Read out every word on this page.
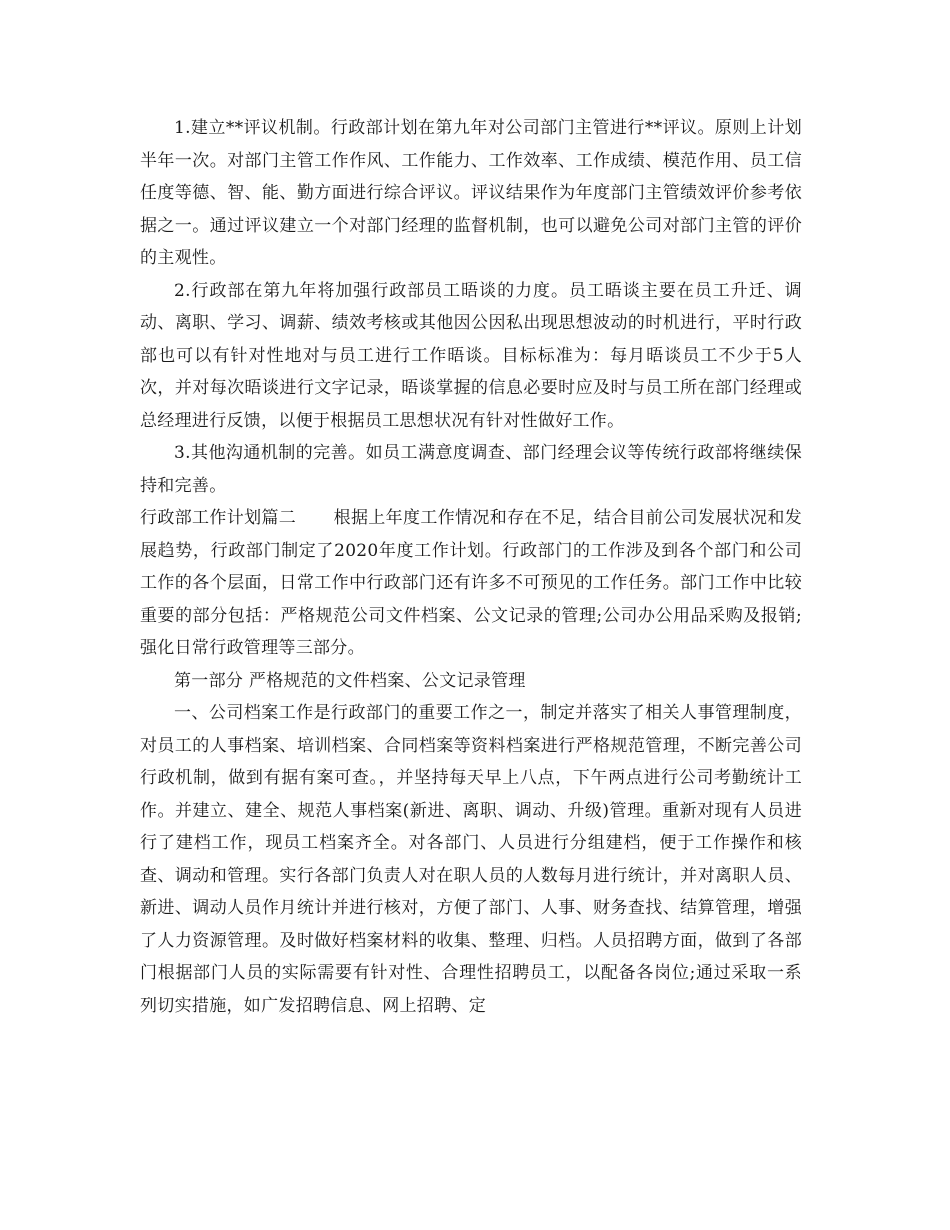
1.建立**评议机制。行政部计划在第九年对公司部门主管进行**评议。原则上计划半年一次。对部门主管工作作风、工作能力、工作效率、工作成绩、模范作用、员工信任度等德、智、能、勤方面进行综合评议。评议结果作为年度部门主管绩效评价参考依据之一。通过评议建立一个对部门经理的监督机制，也可以避免公司对部门主管的评价的主观性。

2.行政部在第九年将加强行政部员工晤谈的力度。员工晤谈主要在员工升迁、调动、离职、学习、调薪、绩效考核或其他因公因私出现思想波动的时机进行，平时行政部也可以有针对性地对与员工进行工作晤谈。目标标准为：每月晤谈员工不少于5人次，并对每次晤谈进行文字记录，晤谈掌握的信息必要时应及时与员工所在部门经理或总经理进行反馈，以便于根据员工思想状况有针对性做好工作。

3.其他沟通机制的完善。如员工满意度调查、部门经理会议等传统行政部将继续保持和完善。

行政部工作计划篇二 根据上年度工作情况和存在不足，结合目前公司发展状况和发展趋势，行政部门制定了2020年度工作计划。行政部门的工作涉及到各个部门和公司工作的各个层面，日常工作中行政部门还有许多不可预见的工作任务。部门工作中比较重要的部分包括：严格规范公司文件档案、公文记录的管理;公司办公用品采购及报销;强化日常行政管理等三部分。

第一部分 严格规范的文件档案、公文记录管理

一、公司档案工作是行政部门的重要工作之一，制定并落实了相关人事管理制度，对员工的人事档案、培训档案、合同档案等资料档案进行严格规范管理，不断完善公司行政机制，做到有据有案可查。，并坚持每天早上八点，下午两点进行公司考勤统计工作。并建立、建全、规范人事档案(新进、离职、调动、升级)管理。重新对现有人员进行了建档工作，现员工档案齐全。对各部门、人员进行分组建档，便于工作操作和核查、调动和管理。实行各部门负责人对在职人员的人数每月进行统计，并对离职人员、新进、调动人员作月统计并进行核对，方便了部门、人事、财务查找、结算管理，增强了人力资源管理。及时做好档案材料的收集、整理、归档。人员招聘方面，做到了各部门根据部门人员的实际需要有针对性、合理性招聘员工，以配备各岗位;通过采取一系列切实措施，如广发招聘信息、网上招聘、定
